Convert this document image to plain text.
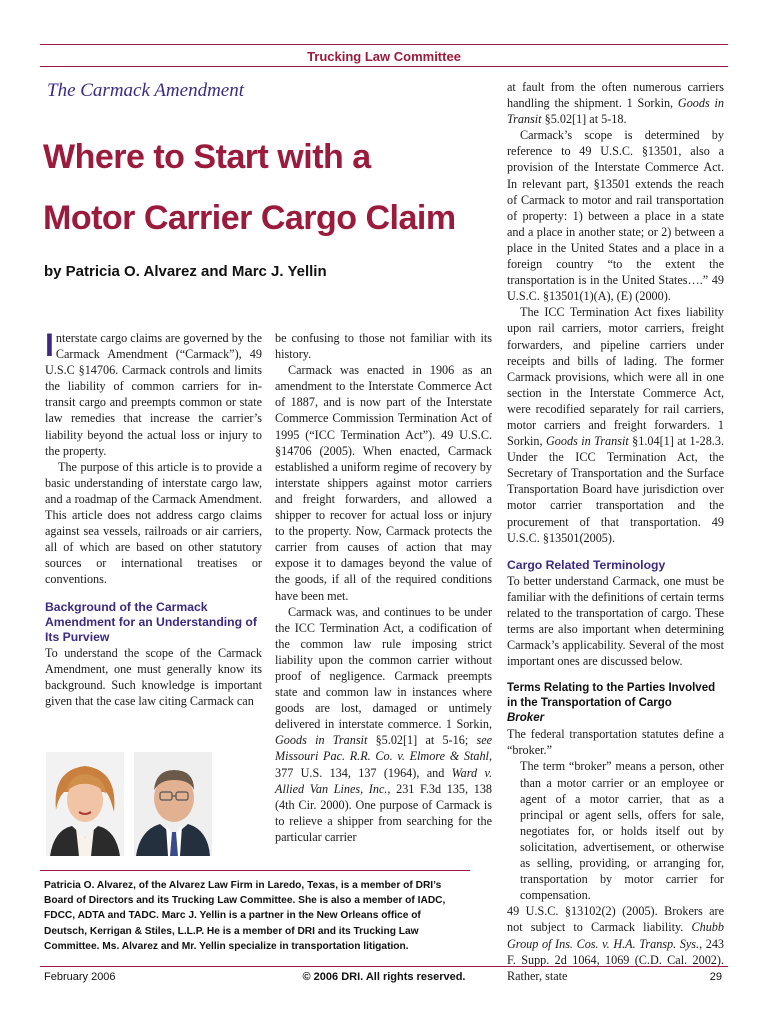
Trucking Law Committee
The Carmack Amendment
Where to Start with a
Motor Carrier Cargo Claim
by Patricia O. Alvarez and Marc J. Yellin

Interstate cargo claims are governed by the Carmack Amendment (“Carmack”), 49 U.S.C §14706. Carmack controls and limits the liability of common carriers for in-transit cargo and preempts common or state law remedies that increase the carrier’s liability beyond the actual loss or injury to the property.

The purpose of this article is to provide a basic understanding of interstate cargo law, and a roadmap of the Carmack Amendment. This article does not address cargo claims against sea vessels, railroads or air carriers, all of which are based on other statutory sources or international treatises or conventions.

Background of the Carmack Amendment for an Understanding of Its Purview

To understand the scope of the Carmack Amendment, one must generally know its background. Such knowledge is important given that the case law citing Carmack can

be confusing to those not familiar with its history.

Carmack was enacted in 1906 as an amendment to the Interstate Commerce Act of 1887, and is now part of the Interstate Commerce Commission Termination Act of 1995 (“ICC Termination Act”). 49 U.S.C. §14706 (2005). When enacted, Carmack established a uniform regime of recovery by interstate shippers against motor carriers and freight forwarders, and allowed a shipper to recover for actual loss or injury to the property. Now, Carmack protects the carrier from causes of action that may expose it to damages beyond the value of the goods, if all of the required conditions have been met.

Carmack was, and continues to be under the ICC Termination Act, a codification of the common law rule imposing strict liability upon the common carrier without proof of negligence. Carmack preempts state and common law in instances where goods are lost, damaged or untimely delivered in interstate commerce. 1 Sorkin, Goods in Transit §5.02[1] at 5-16; see Missouri Pac. R.R. Co. v. Elmore & Stahl, 377 U.S. 134, 137 (1964), and Ward v. Allied Van Lines, Inc., 231 F.3d 135, 138 (4th Cir. 2000). One purpose of Carmack is to relieve a shipper from searching for the particular carrier

at fault from the often numerous carriers handling the shipment. 1 Sorkin, Goods in Transit §5.02[1] at 5-18.

Carmack’s scope is determined by reference to 49 U.S.C. §13501, also a provision of the Interstate Commerce Act. In relevant part, §13501 extends the reach of Carmack to motor and rail transportation of property: 1) between a place in a state and a place in another state; or 2) between a place in the United States and a place in a foreign country “to the extent the transportation is in the United States….” 49 U.S.C. §13501(1)(A), (E) (2000).

The ICC Termination Act fixes liability upon rail carriers, motor carriers, freight forwarders, and pipeline carriers under receipts and bills of lading. The former Carmack provisions, which were all in one section in the Interstate Commerce Act, were recodified separately for rail carriers, motor carriers and freight forwarders. 1 Sorkin, Goods in Transit §1.04[1] at 1-28.3. Under the ICC Termination Act, the Secretary of Transportation and the Surface Transportation Board have jurisdiction over motor carrier transportation and the procurement of that transportation. 49 U.S.C. §13501(2005).

Cargo Related Terminology

To better understand Carmack, one must be familiar with the definitions of certain terms related to the transportation of cargo. These terms are also important when determining Carmack’s applicability. Several of the most important ones are discussed below.

Terms Relating to the Parties Involved in the Transportation of Cargo
Broker

The federal transportation statutes define a “broker.”

The term “broker” means a person, other than a motor carrier or an employee or agent of a motor carrier, that as a principal or agent sells, offers for sale, negotiates for, or holds itself out by solicitation, advertisement, or otherwise as selling, providing, or arranging for, transportation by motor carrier for compensation.

49 U.S.C. §13102(2) (2005). Brokers are not subject to Carmack liability. Chubb Group of Ins. Cos. v. H.A. Transp. Sys., 243 F. Supp. 2d 1064, 1069 (C.D. Cal. 2002). Rather, state

Patricia O. Alvarez, of the Alvarez Law Firm in Laredo, Texas, is a member of DRI’s Board of Directors and its Trucking Law Committee. She is also a member of IADC, FDCC, ADTA and TADC. Marc J. Yellin is a partner in the New Orleans office of Deutsch, Kerrigan & Stiles, L.L.P. He is a member of DRI and its Trucking Law Committee. Ms. Alvarez and Mr. Yellin specialize in transportation litigation.
February 2006	© 2006 DRI. All rights reserved.	29
